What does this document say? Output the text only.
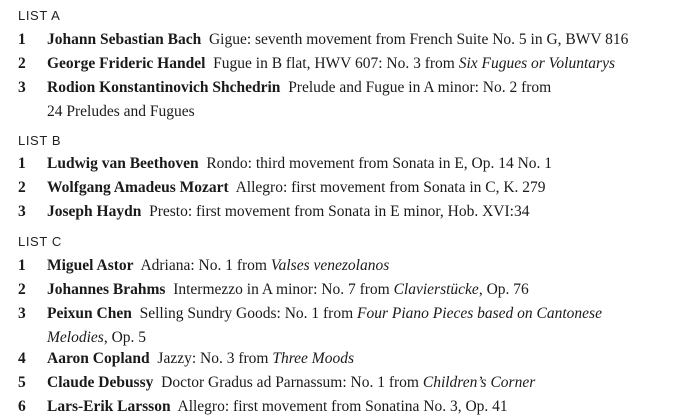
LIST A
1 Johann Sebastian Bach Gigue: seventh movement from French Suite No. 5 in G, BWV 816
2 George Frideric Handel Fugue in B flat, HWV 607: No. 3 from Six Fugues or Voluntarys
3 Rodion Konstantinovich Shchedrin Prelude and Fugue in A minor: No. 2 from
24 Preludes and Fugues
LIST B
1 Ludwig van Beethoven Rondo: third movement from Sonata in E, Op. 14 No. 1
2 Wolfgang Amadeus Mozart Allegro: first movement from Sonata in C, K. 279
3 Joseph Haydn Presto: first movement from Sonata in E minor, Hob. XVI:34
LIST C
1 Miguel Astor Adriana: No. 1 from Valses venezolanos
2 Johannes Brahms Intermezzo in A minor: No. 7 from Clavierstücke, Op. 76
3 Peixun Chen Selling Sundry Goods: No. 1 from Four Piano Pieces based on Cantonese
Melodies, Op. 5
4 Aaron Copland Jazzy: No. 3 from Three Moods
5 Claude Debussy Doctor Gradus ad Parnassum: No. 1 from Children’s Corner
6 Lars-Erik Larsson Allegro: first movement from Sonatina No. 3, Op. 41
